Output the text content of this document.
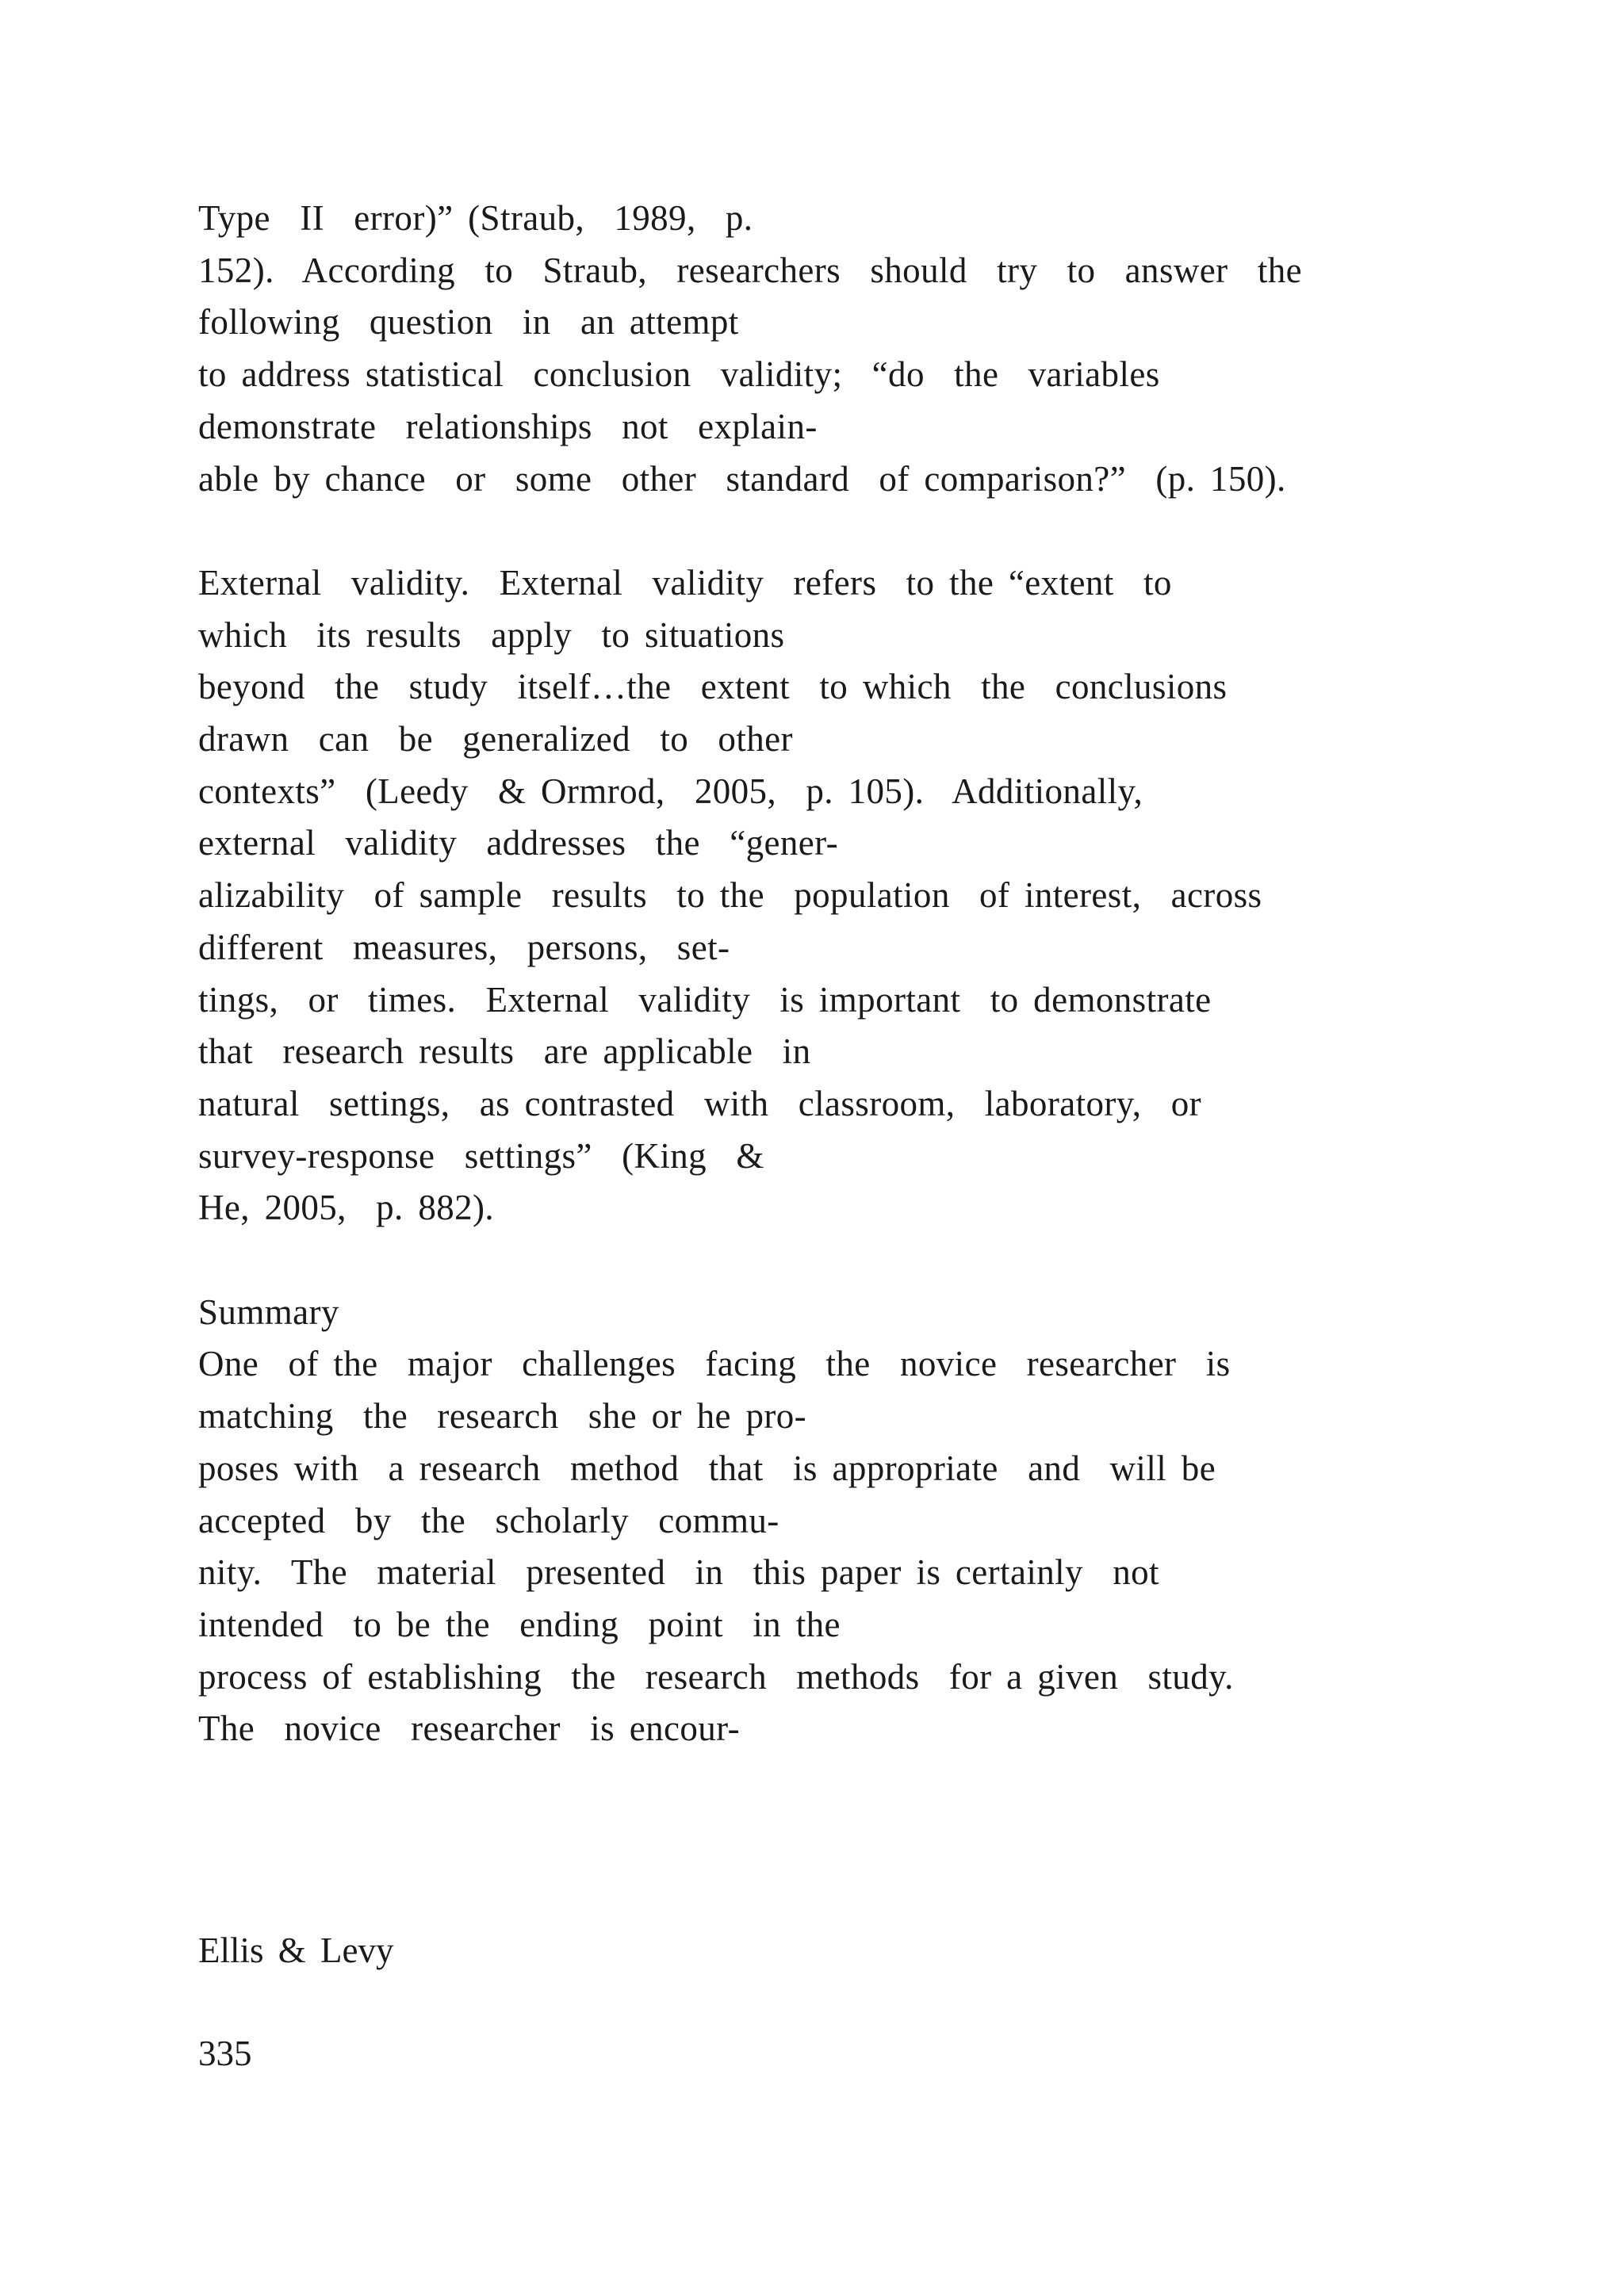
Type  II  error)” (Straub,  1989,  p.
152).  According  to  Straub,  researchers  should  try  to  answer  the
following  question  in  an attempt
to address statistical  conclusion  validity;  “do  the  variables
demonstrate  relationships  not  explain-
able by chance  or  some  other  standard  of comparison?”  (p. 150).
External  validity.  External  validity  refers  to the “extent  to
which  its results  apply  to situations
beyond  the  study  itself…the  extent  to which  the  conclusions
drawn  can  be  generalized  to  other
contexts”  (Leedy  & Ormrod,  2005,  p. 105).  Additionally,
external  validity  addresses  the  “gener-
alizability  of sample  results  to the  population  of interest,  across
different  measures,  persons,  set-
tings,  or  times.  External  validity  is important  to demonstrate
that  research results  are applicable  in
natural  settings,  as contrasted  with  classroom,  laboratory,  or
survey-response  settings”  (King  &
He, 2005,  p. 882).
Summary
One  of the  major  challenges  facing  the  novice  researcher  is
matching  the  research  she or he pro-
poses with  a research  method  that  is appropriate  and  will be
accepted  by  the  scholarly  commu-
nity.  The  material  presented  in  this paper is certainly  not
intended  to be the  ending  point  in the
process of establishing  the  research  methods  for a given  study.
The  novice  researcher  is encour-
Ellis & Levy
335
